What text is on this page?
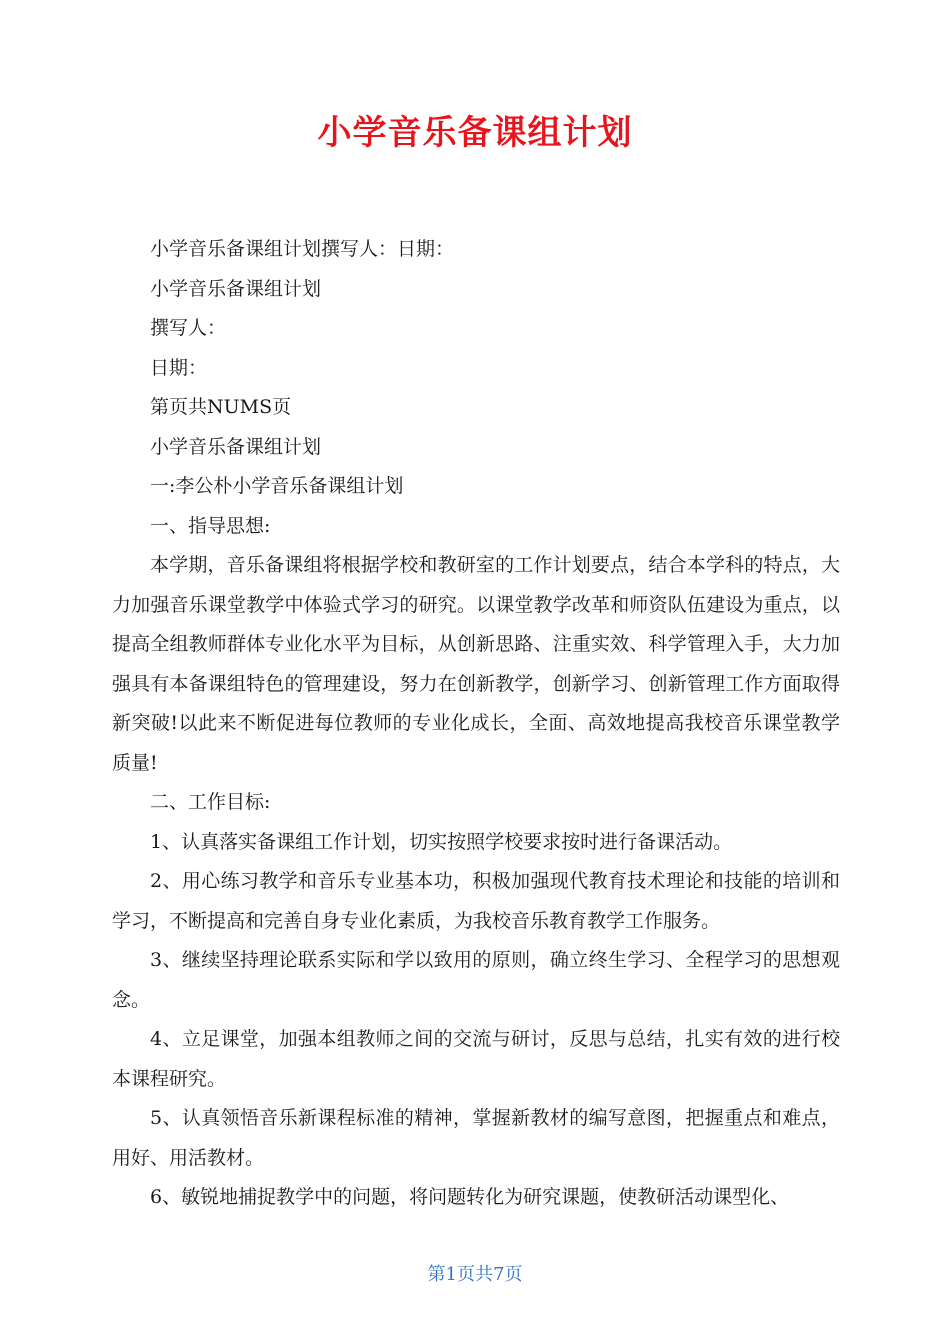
小学音乐备课组计划

小学音乐备课组计划撰写人：日期：

小学音乐备课组计划

撰写人：

日期：

第页共NUMS页

小学音乐备课组计划

一:李公朴小学音乐备课组计划

一、指导思想:

本学期，音乐备课组将根据学校和教研室的工作计划要点，结合本学科的特点，大力加强音乐课堂教学中体验式学习的研究。以课堂教学改革和师资队伍建设为重点，以提高全组教师群体专业化水平为目标，从创新思路、注重实效、科学管理入手，大力加强具有本备课组特色的管理建设，努力在创新教学，创新学习、创新管理工作方面取得新突破!以此来不断促进每位教师的专业化成长，全面、高效地提高我校音乐课堂教学质量!

二、工作目标:

1、认真落实备课组工作计划，切实按照学校要求按时进行备课活动。

2、用心练习教学和音乐专业基本功，积极加强现代教育技术理论和技能的培训和学习，不断提高和完善自身专业化素质，为我校音乐教育教学工作服务。

3、继续坚持理论联系实际和学以致用的原则，确立终生学习、全程学习的思想观念。

4、立足课堂，加强本组教师之间的交流与研讨，反思与总结，扎实有效的进行校本课程研究。

5、认真领悟音乐新课程标准的精神，掌握新教材的编写意图，把握重点和难点，用好、用活教材。

6、敏锐地捕捉教学中的问题，将问题转化为研究课题，使教研活动课型化、

第1页共7页
